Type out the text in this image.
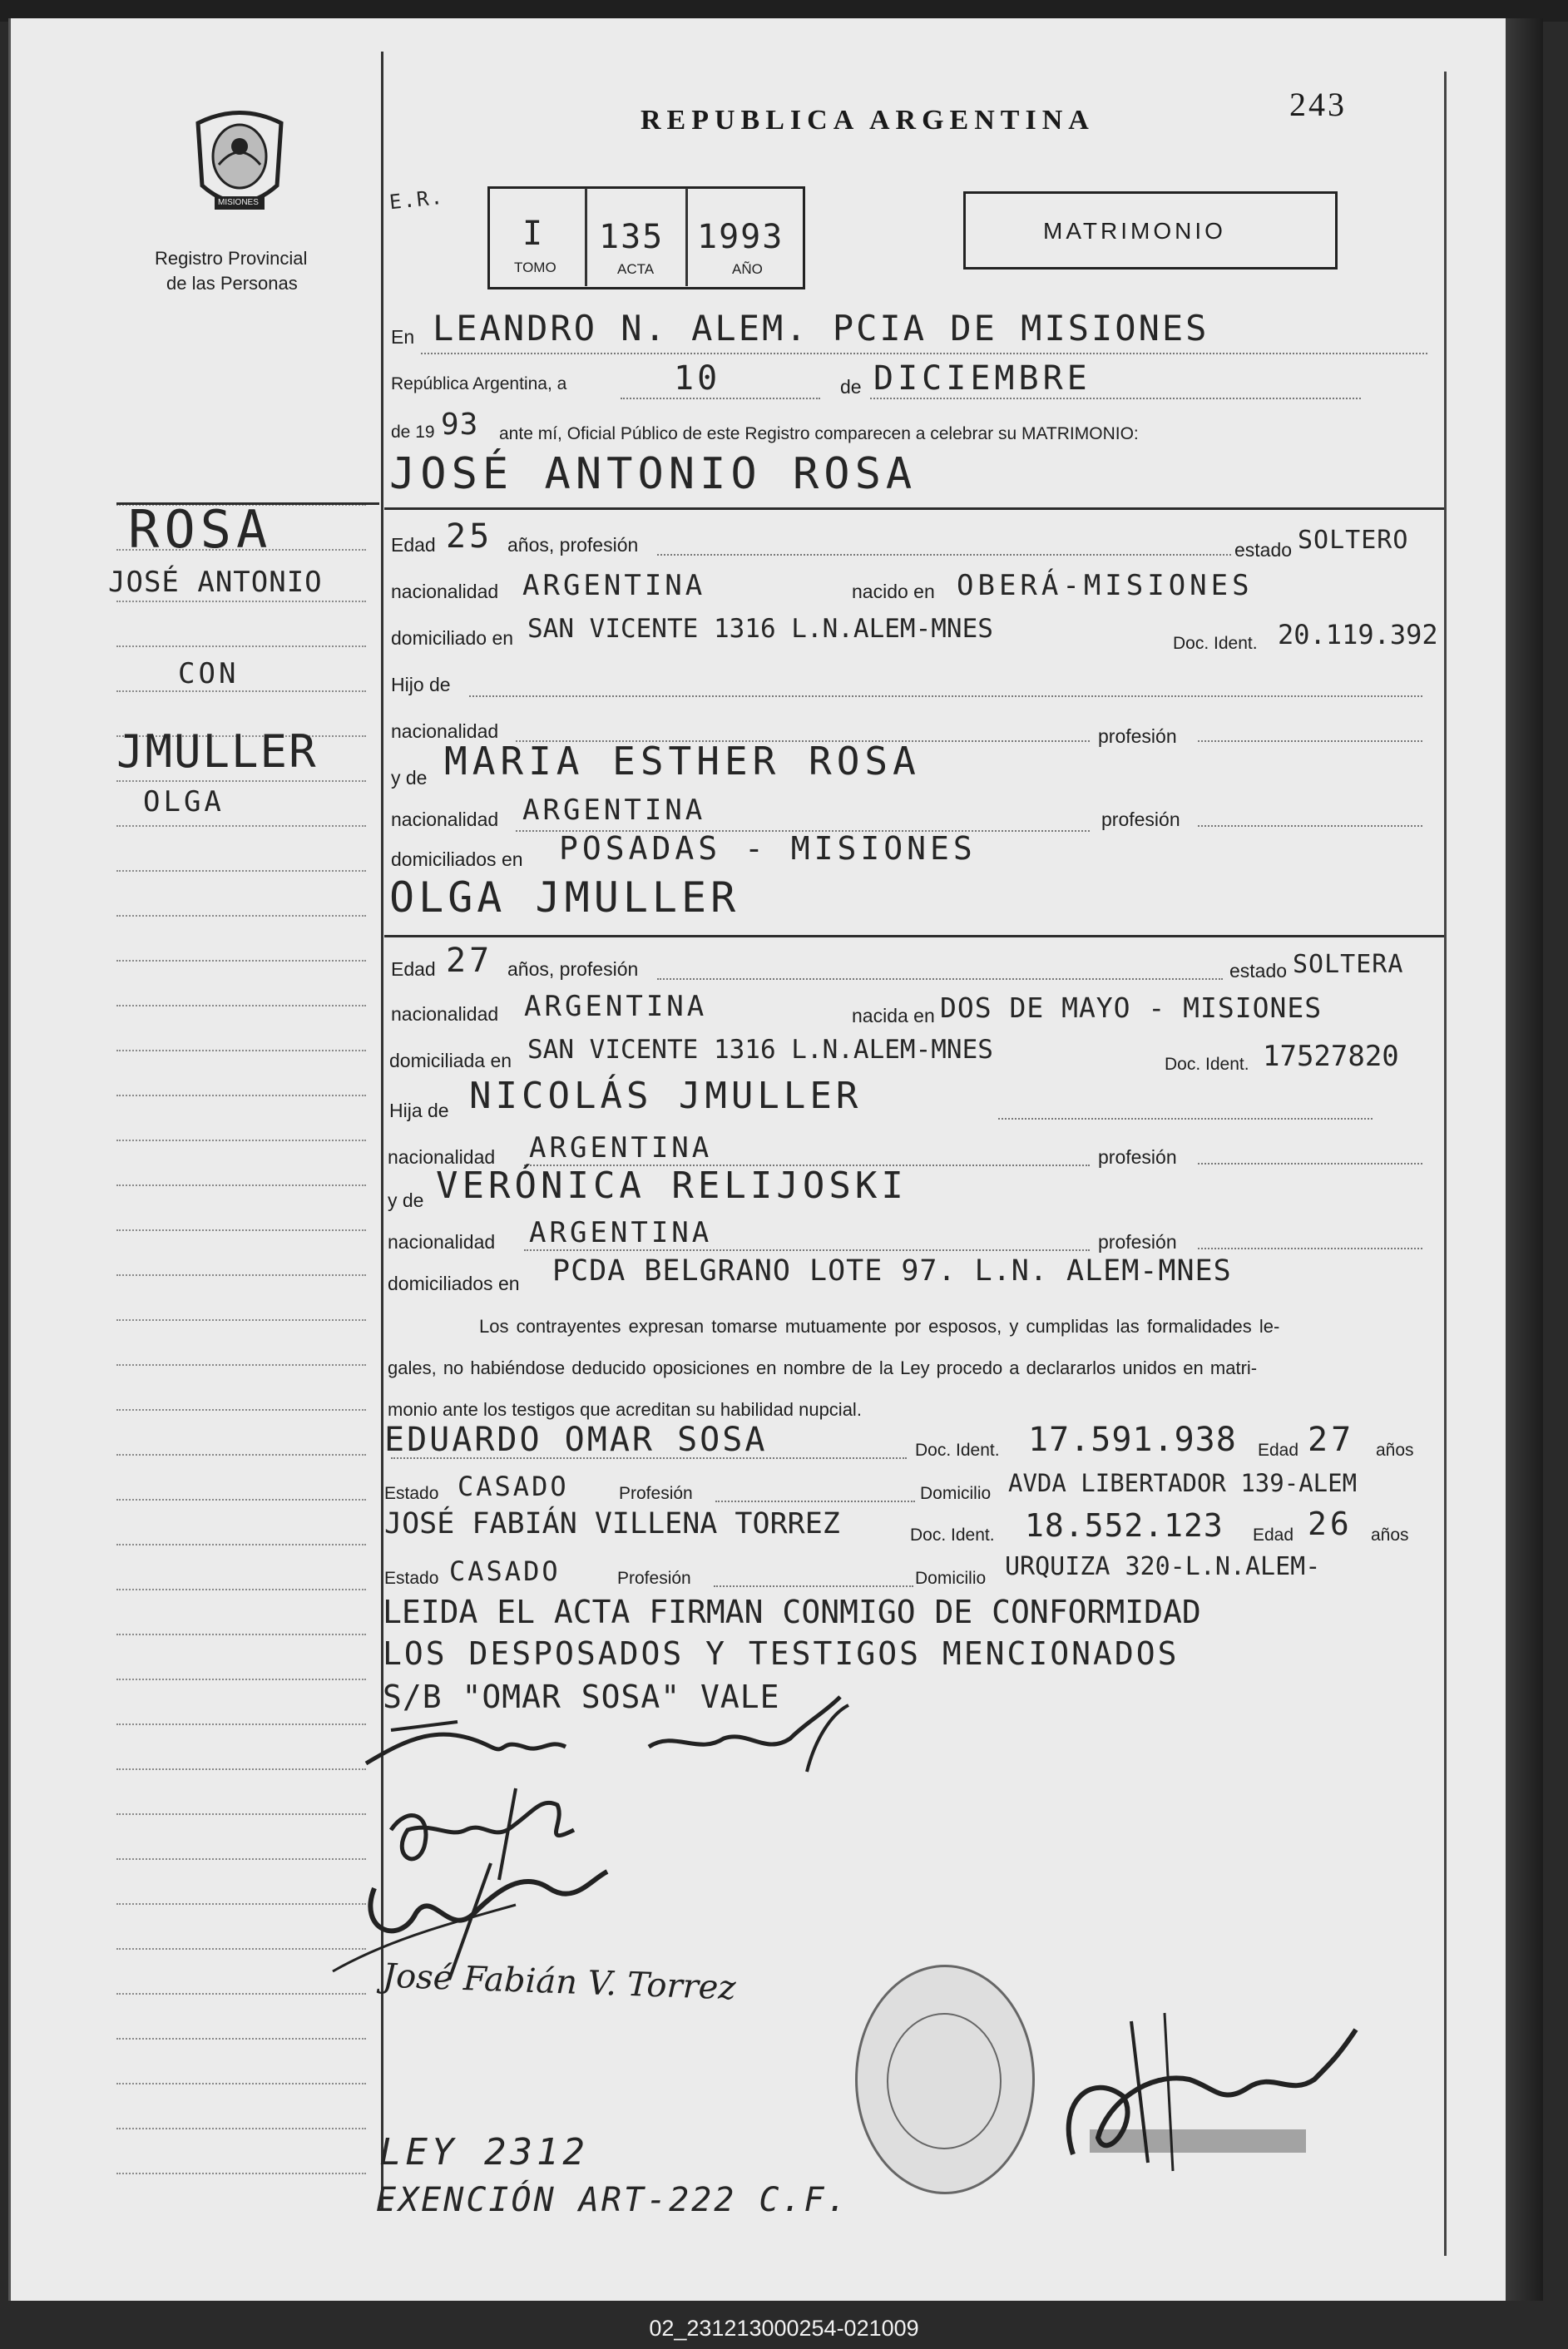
MISIONES
Registro Provincial
de las Personas
REPUBLICA ARGENTINA	243
E.R.
I 135 1993
TOMO	ACTA	AÑO
MATRIMONIO
ROSA
JOSÉ ANTONIO
CON
JMULLER
OLGA
En LEANDRO N. ALEM. PCIA DE MISIONES
República Argentina, a	10	de DICIEMBRE
de 19 93 ante mí, Oficial Público de este Registro comparecen a celebrar su MATRIMONIO:
JOSÉ ANTONIO ROSA
Edad 25 años, profesión	estado SOLTERO
nacionalidad ARGENTINA	nacido en OBERÁ-MISIONES
domiciliado en SAN VICENTE 1316 L.N.ALEM-MNES	Doc. Ident. 20.119.392
Hijo de
nacionalidad	profesión
y de MARIA ESTHER ROSA
nacionalidad ARGENTINA	profesión
domiciliados en POSADAS - MISIONES
OLGA JMULLER
Edad 27 años, profesión	estado SOLTERA
nacionalidad ARGENTINA	nacida en DOS DE MAYO - MISIONES
domiciliada en SAN VICENTE 1316 L.N.ALEM-MNES	Doc. Ident. 17527820
Hija de NICOLÁS JMULLER
nacionalidad ARGENTINA	profesión
y de VERÓNICA RELIJOSKI
nacionalidad ARGENTINA	profesión
domiciliados en PCDA BELGRANO LOTE 97. L.N. ALEM-MNES
Los contrayentes expresan tomarse mutuamente por esposos, y cumplidas las formalidades le-
gales, no habiéndose deducido oposiciones en nombre de la Ley procedo a declararlos unidos en matri-
monio ante los testigos que acreditan su habilidad nupcial.
EDUARDO OMAR SOSA	Doc. Ident. 17.591.938 Edad 27 años
Estado CASADO	Profesión	Domicilio AVDA LIBERTADOR 139-ALEM
JOSÉ FABIÁN VILLENA TORREZ	Doc. Ident. 18.552.123 Edad 26 años
Estado CASADO	Profesión	Domicilio URQUIZA 320-L.N.ALEM-
LEIDA EL ACTA FIRMAN CONMIGO DE CONFORMIDAD
LOS DESPOSADOS Y TESTIGOS MENCIONADOS
S/B "OMAR SOSA" VALE
José Fabián V. Torrez
LEY 2312
EXENCIÓN ART-222 C.F.
02_231213000254-021009
